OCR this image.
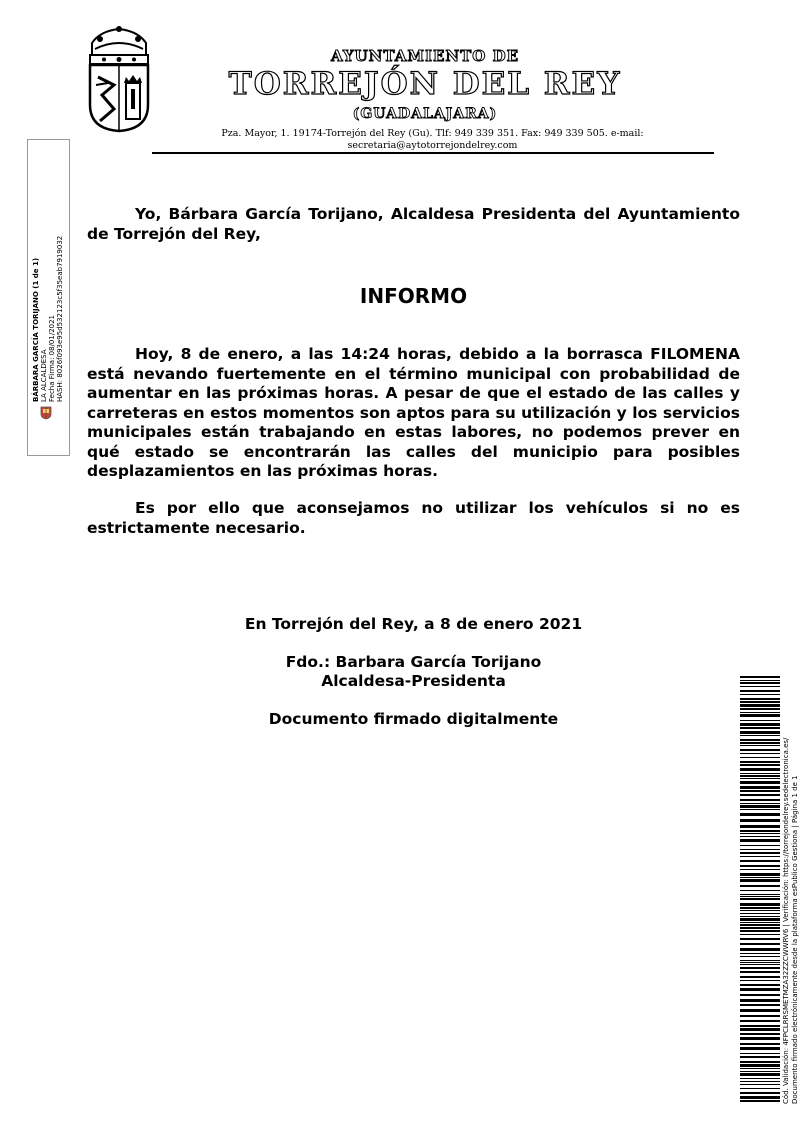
AYUNTAMIENTO DE
TORREJÓN DEL REY
(GUADALAJARA)
Pza. Mayor, 1. 19174-Torrejón del Rey (Gu). Tlf: 949 339 351. Fax: 949 339 505. e-mail:
secretaria@aytotorrejondelrey.com
BÁRBARA GARCÍA TORIJANO (1 de 1) LA ALCALDESA Fecha Firma: 08/01/2021 HASH: 8026f093e95d532123c5f35eab7919032
Yo, Bárbara García Torijano, Alcaldesa Presidenta del Ayuntamiento de Torrejón del Rey,
INFORMO
Hoy, 8 de enero, a las 14:24 horas, debido a la borrasca FILOMENA está nevando fuertemente en el término municipal con probabilidad de aumentar en las próximas horas. A pesar de que el estado de las calles y carreteras en estos momentos son aptos para su utilización y los servicios municipales están trabajando en estas labores, no podemos prever en qué estado se encontrarán las calles del municipio para posibles desplazamientos en las próximas horas.
Es por ello que aconsejamos no utilizar los vehículos si no es estrictamente necesario.
En Torrejón del Rey, a 8 de enero 2021
Fdo.: Barbara García Torijano
Alcaldesa-Presidenta
Documento firmado digitalmente
Cód. Validación: 4FPCLRRSMETMZA32ZZCWWRV6 | Verificación: https://torrejondelrey.sedelectronica.es/ Documento firmado electrónicamente desde la plataforma esPublico Gestiona | Página 1 de 1
